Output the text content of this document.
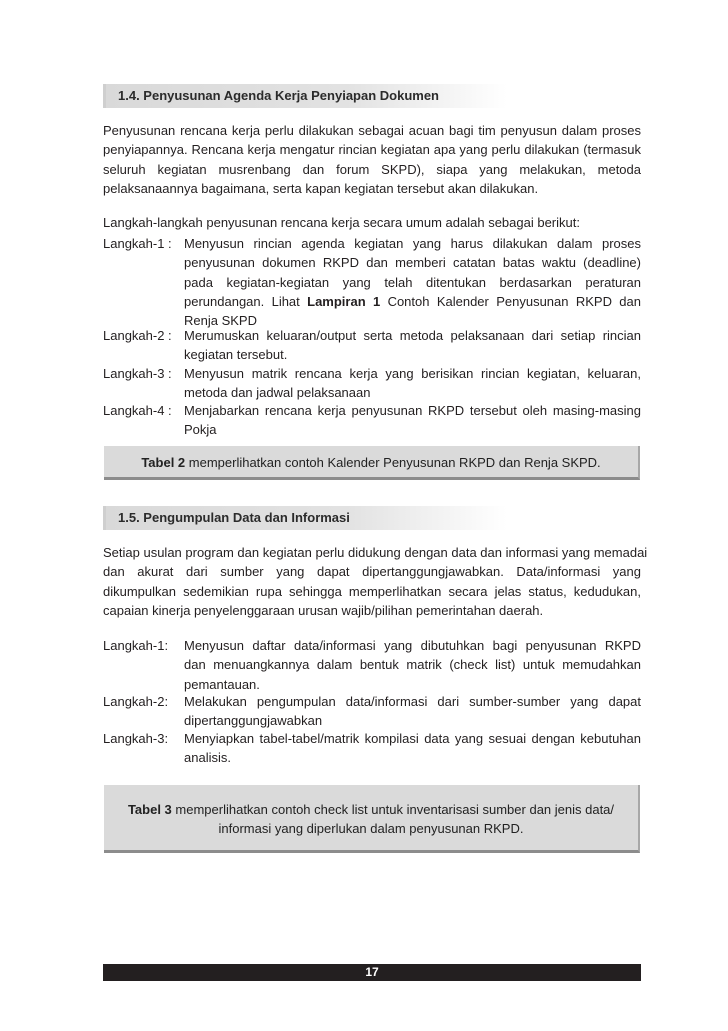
1.4. Penyusunan Agenda Kerja Penyiapan Dokumen
Penyusunan rencana kerja perlu dilakukan sebagai acuan bagi tim penyusun dalam proses
penyiapannya. Rencana kerja mengatur rincian kegiatan apa yang perlu dilakukan (termasuk
seluruh kegiatan musrenbang dan forum SKPD), siapa yang melakukan, metoda
pelaksanaannya bagaimana, serta kapan kegiatan tersebut akan dilakukan.

Langkah-langkah penyusunan rencana kerja secara umum adalah sebagai berikut:

Langkah-1 : Menyusun rincian agenda kegiatan yang harus dilakukan dalam proses
penyusunan dokumen RKPD dan memberi catatan batas waktu (deadline)
pada kegiatan-kegiatan yang telah ditentukan berdasarkan peraturan
perundangan. Lihat Lampiran 1 Contoh Kalender Penyusunan RKPD dan
Renja SKPD
Langkah-2 : Merumuskan keluaran/output serta metoda pelaksanaan dari setiap rincian
kegiatan tersebut.
Langkah-3 : Menyusun matrik rencana kerja yang berisikan rincian kegiatan, keluaran,
metoda dan jadwal pelaksanaan
Langkah-4 : Menjabarkan rencana kerja penyusunan RKPD tersebut oleh masing-masing
Pokja
Tabel 2 memperlihatkan contoh Kalender Penyusunan RKPD dan Renja SKPD.
1.5. Pengumpulan Data dan Informasi
Setiap usulan program dan kegiatan perlu didukung dengan data dan informasi yang memadai
dan akurat dari sumber yang dapat dipertanggungjawabkan. Data/informasi yang
dikumpulkan sedemikian rupa sehingga memperlihatkan secara jelas status, kedudukan,
capaian kinerja penyelenggaraan urusan wajib/pilihan pemerintahan daerah.
Langkah-1: Menyusun daftar data/informasi yang dibutuhkan bagi penyusunan RKPD
dan menuangkannya dalam bentuk matrik (check list) untuk memudahkan
pemantauan.
Langkah-2: Melakukan pengumpulan data/informasi dari sumber-sumber yang dapat
dipertanggungjawabkan
Langkah-3: Menyiapkan tabel-tabel/matrik kompilasi data yang sesuai dengan kebutuhan
analisis.
Tabel 3 memperlihatkan contoh check list untuk inventarisasi sumber dan jenis data/
informasi yang diperlukan dalam penyusunan RKPD.
17
